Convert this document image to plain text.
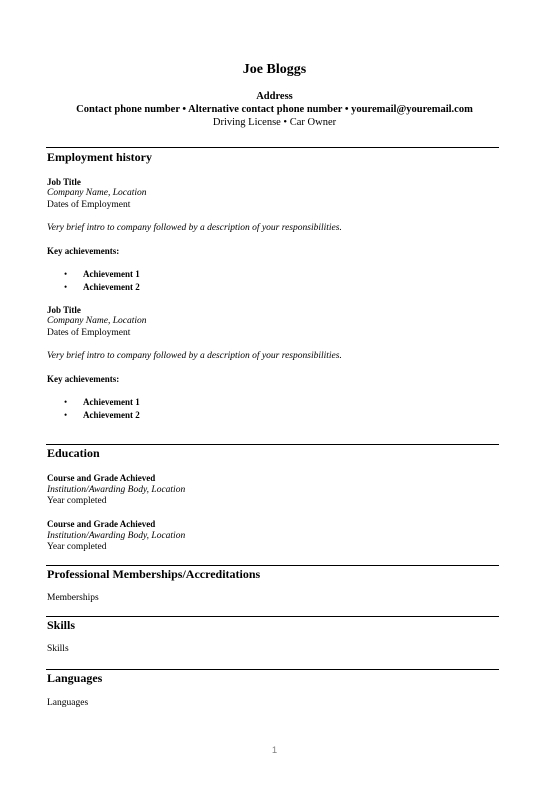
Joe Bloggs
Address
Contact phone number • Alternative contact phone number • youremail@youremail.com
Driving License • Car Owner
Employment history
Job Title
Company Name, Location
Dates of Employment
Very brief intro to company followed by a description of your responsibilities.
Key achievements:
• Achievement 1
• Achievement 2
Job Title
Company Name, Location
Dates of Employment
Very brief intro to company followed by a description of your responsibilities.
Key achievements:
• Achievement 1
• Achievement 2
Education
Course and Grade Achieved
Institution/Awarding Body, Location
Year completed
Course and Grade Achieved
Institution/Awarding Body, Location
Year completed
Professional Memberships/Accreditations
Memberships
Skills
Skills
Languages
Languages
1
